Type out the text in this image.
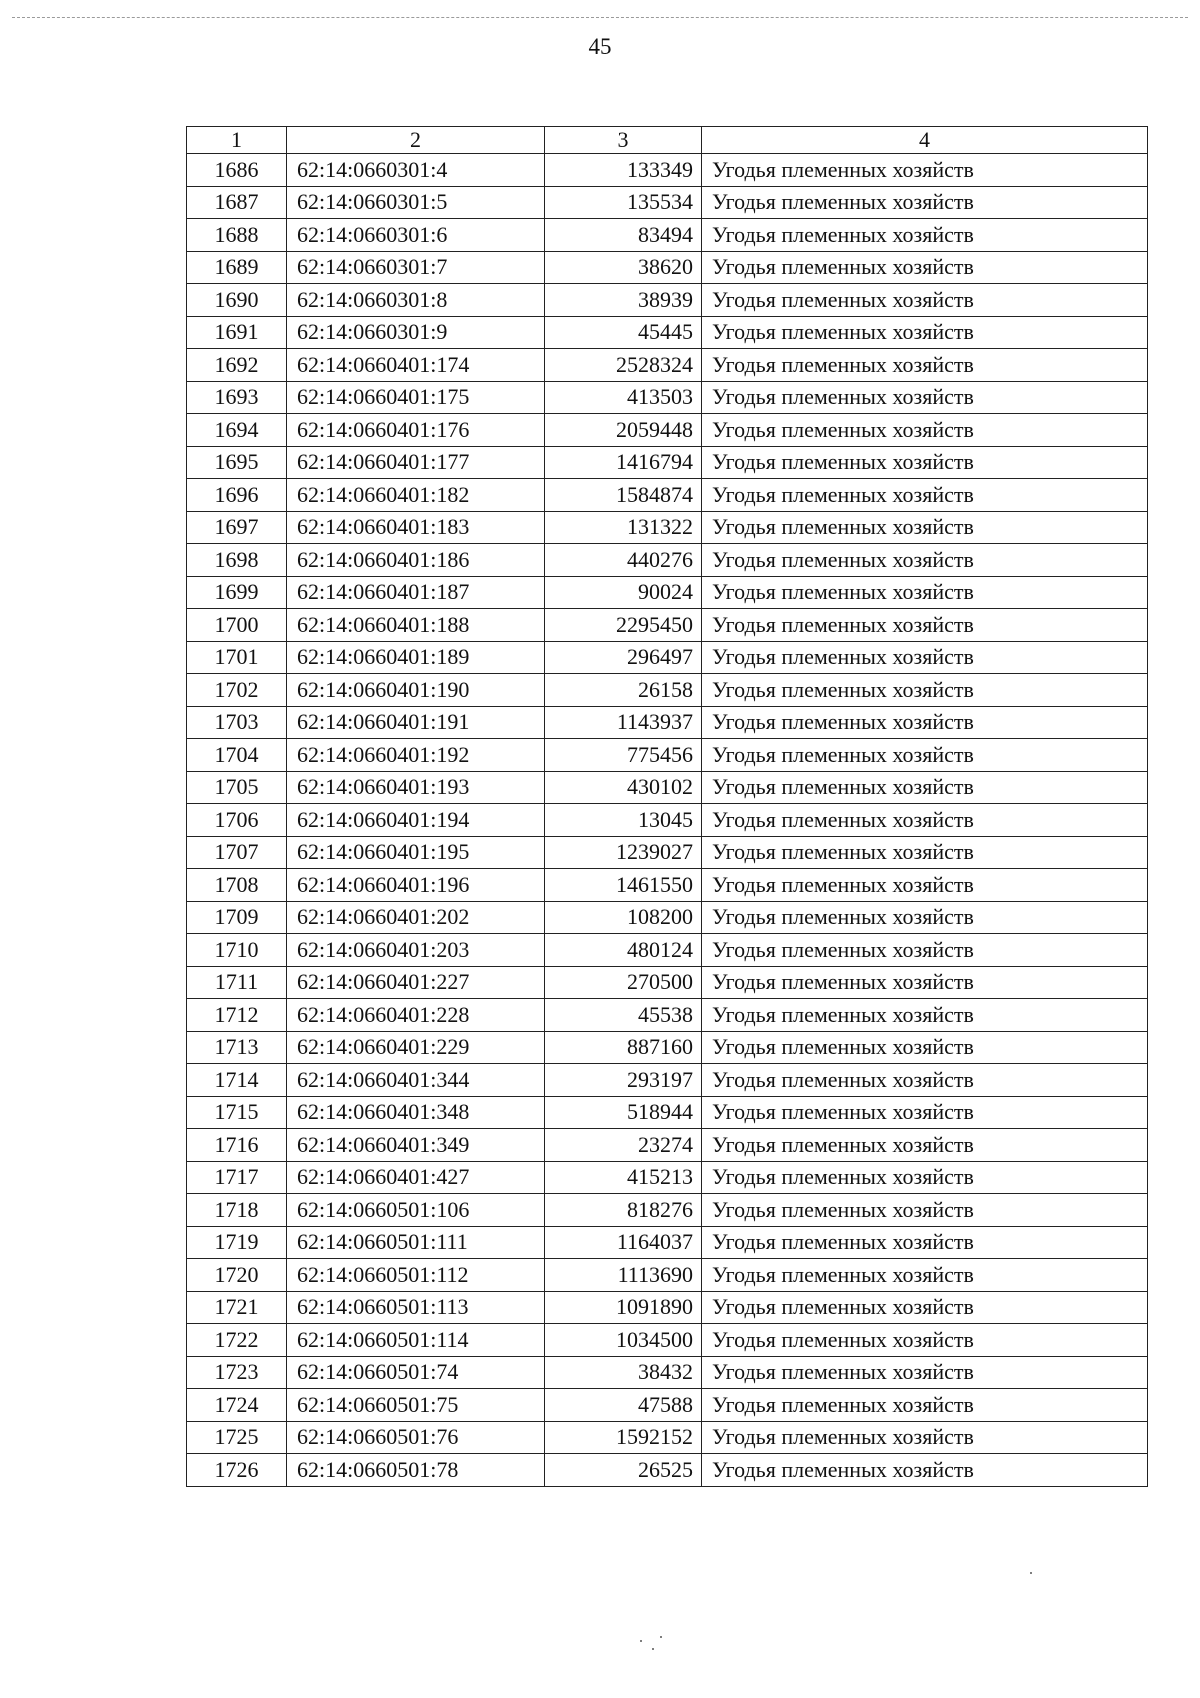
45
1	2	3	4
1686	62:14:0660301:4	133349	Угодья племенных хозяйств
1687	62:14:0660301:5	135534	Угодья племенных хозяйств
1688	62:14:0660301:6	83494	Угодья племенных хозяйств
1689	62:14:0660301:7	38620	Угодья племенных хозяйств
1690	62:14:0660301:8	38939	Угодья племенных хозяйств
1691	62:14:0660301:9	45445	Угодья племенных хозяйств
1692	62:14:0660401:174	2528324	Угодья племенных хозяйств
1693	62:14:0660401:175	413503	Угодья племенных хозяйств
1694	62:14:0660401:176	2059448	Угодья племенных хозяйств
1695	62:14:0660401:177	1416794	Угодья племенных хозяйств
1696	62:14:0660401:182	1584874	Угодья племенных хозяйств
1697	62:14:0660401:183	131322	Угодья племенных хозяйств
1698	62:14:0660401:186	440276	Угодья племенных хозяйств
1699	62:14:0660401:187	90024	Угодья племенных хозяйств
1700	62:14:0660401:188	2295450	Угодья племенных хозяйств
1701	62:14:0660401:189	296497	Угодья племенных хозяйств
1702	62:14:0660401:190	26158	Угодья племенных хозяйств
1703	62:14:0660401:191	1143937	Угодья племенных хозяйств
1704	62:14:0660401:192	775456	Угодья племенных хозяйств
1705	62:14:0660401:193	430102	Угодья племенных хозяйств
1706	62:14:0660401:194	13045	Угодья племенных хозяйств
1707	62:14:0660401:195	1239027	Угодья племенных хозяйств
1708	62:14:0660401:196	1461550	Угодья племенных хозяйств
1709	62:14:0660401:202	108200	Угодья племенных хозяйств
1710	62:14:0660401:203	480124	Угодья племенных хозяйств
1711	62:14:0660401:227	270500	Угодья племенных хозяйств
1712	62:14:0660401:228	45538	Угодья племенных хозяйств
1713	62:14:0660401:229	887160	Угодья племенных хозяйств
1714	62:14:0660401:344	293197	Угодья племенных хозяйств
1715	62:14:0660401:348	518944	Угодья племенных хозяйств
1716	62:14:0660401:349	23274	Угодья племенных хозяйств
1717	62:14:0660401:427	415213	Угодья племенных хозяйств
1718	62:14:0660501:106	818276	Угодья племенных хозяйств
1719	62:14:0660501:111	1164037	Угодья племенных хозяйств
1720	62:14:0660501:112	1113690	Угодья племенных хозяйств
1721	62:14:0660501:113	1091890	Угодья племенных хозяйств
1722	62:14:0660501:114	1034500	Угодья племенных хозяйств
1723	62:14:0660501:74	38432	Угодья племенных хозяйств
1724	62:14:0660501:75	47588	Угодья племенных хозяйств
1725	62:14:0660501:76	1592152	Угодья племенных хозяйств
1726	62:14:0660501:78	26525	Угодья племенных хозяйств
